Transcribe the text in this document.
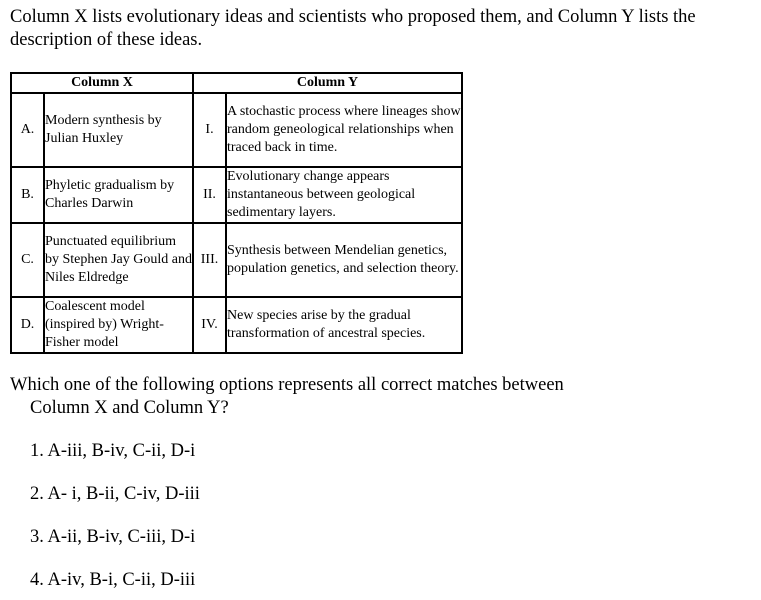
Column X lists evolutionary ideas and scientists who proposed them, and Column Y lists the description of these ideas.
Column X		Column Y	
A.	Modern synthesis by Julian Huxley	I.	A stochastic process where lineages show random geneological relationships when traced back in time.
B.	Phyletic gradualism by Charles Darwin	II.	Evolutionary change appears instantaneous between geological sedimentary layers.
C.	Punctuated equilibrium by Stephen Jay Gould and Niles Eldredge	III.	Synthesis between Mendelian genetics, population genetics, and selection theory.
D.	Coalescent model (inspired by) Wright- Fisher model	IV.	New species arise by the gradual transformation of ancestral species.
Which one of the following options represents all correct matches between
Column X and Column Y?
1. A-iii, B-iv, C-ii, D-i
2. A- i, B-ii, C-iv, D-iii
3. A-ii, B-iv, C-iii, D-i
4. A-iv, B-i, C-ii, D-iii
